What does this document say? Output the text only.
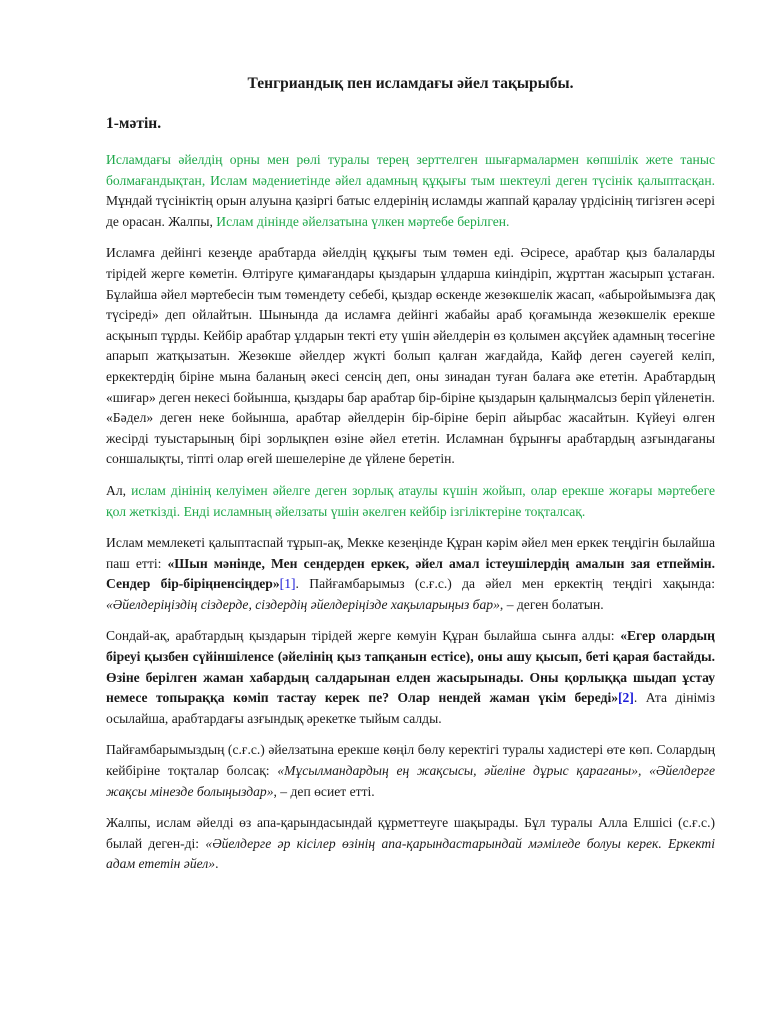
Тенгриандық пен исламдағы әйел тақырыбы.
1-мәтін.

Исламдағы әйелдің орны мен рөлі туралы терең зерттелген шығармалармен көпшілік жете таныс болмағандықтан, Ислам мәдениетінде әйел адамның құқығы тым шектеулі деген түсінік қалыптасқан. Мұндай түсініктің орын алуына қазіргі батыс елдерінің исламды жаппай қаралау үрдісінің тигізген әсері де орасан. Жалпы, Ислам дінінде әйелзатына үлкен мәртебе берілген.

Исламға дейінгі кезеңде арабтарда әйелдің құқығы тым төмен еді. Әсіресе, арабтар қыз балаларды тірідей жерге көметін. Өлтіруге қимағандары қыздарын ұлдарша киіндіріп, жұрттан жасырып ұстаған. Бұлайша әйел мәртебесін тым төмендету себебі, қыздар өскенде жезөкшелік жасап, «абыройымызға дақ түсіреді» деп ойлайтын. Шынында да исламға дейінгі жабайы араб қоғамында жезөкшелік ерекше асқынып тұрды. Кейбір арабтар ұлдарын текті ету үшін әйелдерін өз қолымен ақсүйек адамның төсегіне апарып жатқызатын. Жезөкше әйелдер жүкті болып қалған жағдайда, Кайф деген сәуегей келіп, еркектердің біріне мына баланың әкесі сенсің деп, оны зинадан туған балаға әке ететін. Арабтардың «шиғар» деген некесі бойынша, қыздары бар арабтар бір-біріне қыздарын қалыңмалсыз беріп үйленетін. «Бәдел» деген неке бойынша, арабтар әйелдерін бір-біріне беріп айырбас жасайтын. Күйеуі өлген жесірді туыстарының бірі зорлықпен өзіне әйел ететін. Исламнан бұрынғы арабтардың азғындағаны соншалықты, тіпті олар өгей шешелеріне де үйлене беретін.

Ал, ислам дінінің келуімен әйелге деген зорлық атаулы күшін жойып, олар ерекше жоғары мәртебеге қол жеткізді. Енді исламның әйелзаты үшін әкелген кейбір ізгіліктеріне тоқталсақ.

Ислам мемлекеті қалыптаспай тұрып-ақ, Мекке кезеңінде Құран кәрім әйел мен еркек теңдігін былайша паш етті: «Шын мәнінде, Мен сендерден еркек, әйел амал істеушілердің амалын зая етпеймін. Сендер бір-біріңненсіңдер»[1]. Пайғамбарымыз (с.ғ.с.) да әйел мен еркектің теңдігі хақында: «Әйелдеріңіздің сіздерде, сіздердің әйелдеріңізде хақыларыңыз бар», – деген болатын.

Сондай-ақ, арабтардың қыздарын тірідей жерге көмуін Құран былайша сынға алды: «Егер олардың біреуі қызбен сүйіншіленсе (әйелінің қыз тапқанын естісе), оны ашу қысып, беті қарая бастайды. Өзіне берілген жаман хабардың салдарынан елден жасырынады. Оны қорлыққа шыдап ұстау немесе топыраққа көміп тастау керек пе? Олар нендей жаман үкім береді»[2]. Ата дініміз осылайша, арабтардағы азғындық әрекетке тыйым салды.

Пайғамбарымыздың (с.ғ.с.) әйелзатына ерекше көңіл бөлу керектігі туралы хадистері өте көп. Солардың кейбіріне тоқталар болсақ: «Мұсылмандардың ең жақсысы, әйеліне дұрыс қараганы», «Әйелдерге жақсы мінезде болыңыздар», – деп өсиет етті.

Жалпы, ислам әйелді өз апа-қарындасындай құрметтеуге шақырады. Бұл туралы Алла Елшісі (с.ғ.с.) былай деген-ді: «Әйелдерге әр кісілер өзінің апа-қарындастарындай мәміледе болуы керек. Еркекті адам ететін әйел».
